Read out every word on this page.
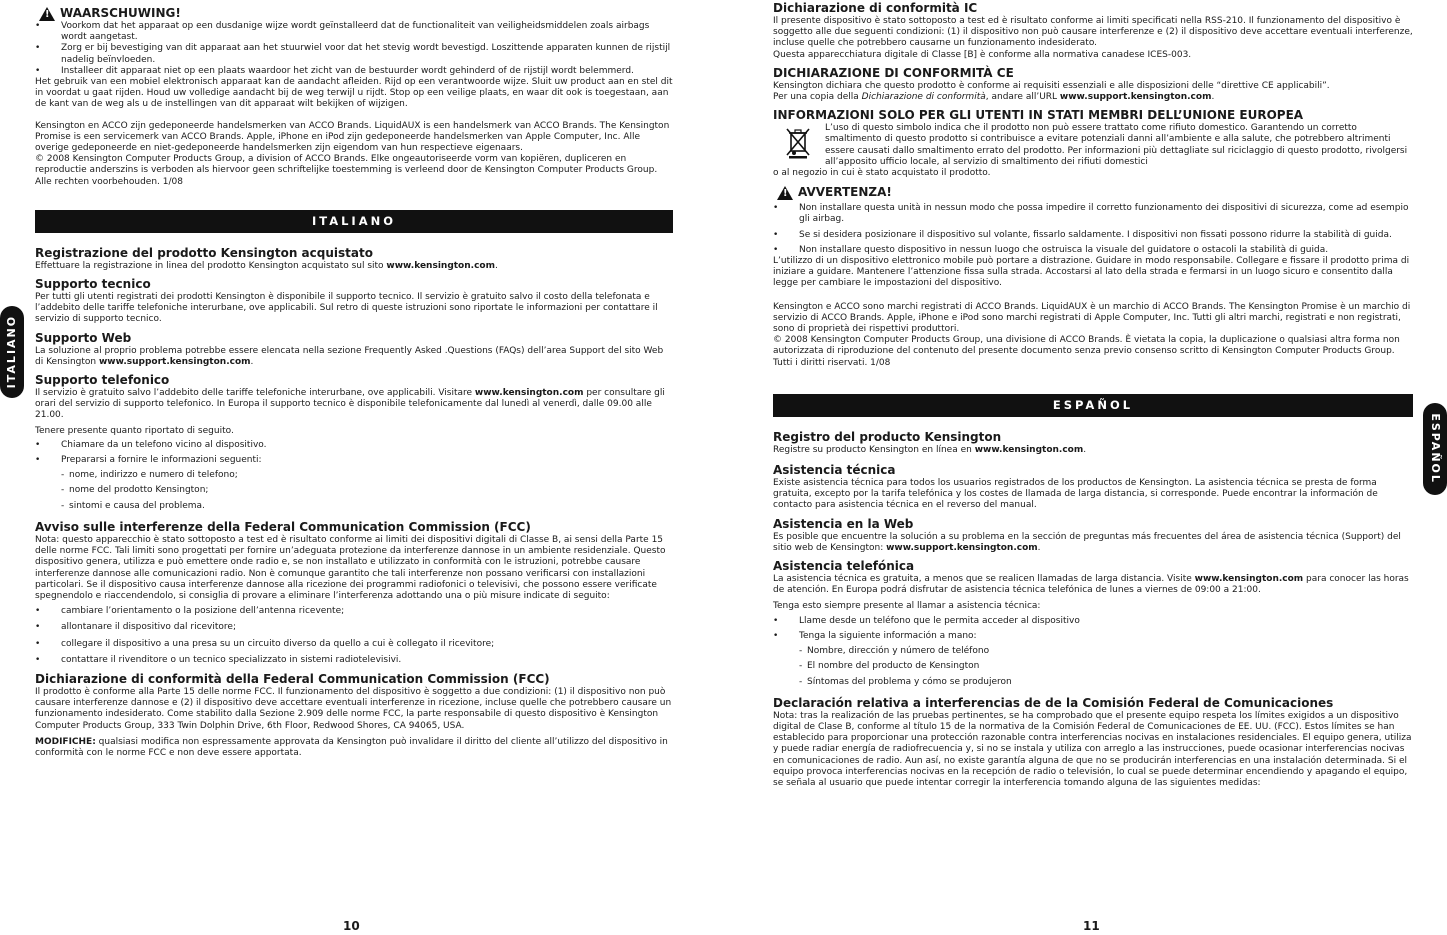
!
WAARSCHUWING!

• Voorkom dat het apparaat op een dusdanige wijze wordt geïnstalleerd dat de functionaliteit van veiligheidsmiddelen zoals airbags wordt aangetast.

• Zorg er bij bevestiging van dit apparaat aan het stuurwiel voor dat het stevig wordt bevestigd. Loszittende apparaten kunnen de rijstijl nadelig beïnvloeden.

• Installeer dit apparaat niet op een plaats waardoor het zicht van de bestuurder wordt gehinderd of de rijstijl wordt belemmerd.

Het gebruik van een mobiel elektronisch apparaat kan de aandacht afleiden. Rijd op een verantwoorde wijze. Sluit uw product aan en stel dit in voordat u gaat rijden. Houd uw volledige aandacht bij de weg terwijl u rijdt. Stop op een veilige plaats, en waar dit ook is toegestaan, aan de kant van de weg als u de instellingen van dit apparaat wilt bekijken of wijzigen.

Kensington en ACCO zijn gedeponeerde handelsmerken van ACCO Brands. LiquidAUX is een handelsmerk van ACCO Brands. The Kensington Promise is een servicemerk van ACCO Brands. Apple, iPhone en iPod zijn gedeponeerde handelsmerken van Apple Computer, Inc. Alle overige gedeponeerde en niet-gedeponeerde handelsmerken zijn eigendom van hun respectieve eigenaars.

© 2008 Kensington Computer Products Group, a division of ACCO Brands. Elke ongeautoriseerde vorm van kopiëren, dupliceren en reproductie anderszins is verboden als hiervoor geen schriftelijke toestemming is verleend door de Kensington Computer Products Group. Alle rechten voorbehouden. 1/08

ITALIANO

Registrazione del prodotto Kensington acquistato

Effettuare la registrazione in linea del prodotto Kensington acquistato sul sito www.kensington.com.

Supporto tecnico

Per tutti gli utenti registrati dei prodotti Kensington è disponibile il supporto tecnico. Il servizio è gratuito salvo il costo della telefonata e l’addebito delle tariffe telefoniche interurbane, ove applicabili. Sul retro di queste istruzioni sono riportate le informazioni per contattare il servizio di supporto tecnico.

Supporto Web

La soluzione al proprio problema potrebbe essere elencata nella sezione Frequently Asked .Questions (FAQs) dell’area Support del sito Web di Kensington www.support.kensington.com.

Supporto telefonico

Il servizio è gratuito salvo l’addebito delle tariffe telefoniche interurbane, ove applicabili. Visitare www.kensington.com per consultare gli orari del servizio di supporto telefonico. In Europa il supporto tecnico è disponibile telefonicamente dal lunedì al venerdì, dalle 09.00 alle 21.00.

Tenere presente quanto riportato di seguito.

• Chiamare da un telefono vicino al dispositivo.

• Prepararsi a fornire le informazioni seguenti:

- nome, indirizzo e numero di telefono;

- nome del prodotto Kensington;

- sintomi e causa del problema.

Avviso sulle interferenze della Federal Communication Commission (FCC)

Nota: questo apparecchio è stato sottoposto a test ed è risultato conforme ai limiti dei dispositivi digitali di Classe B, ai sensi della Parte 15 delle norme FCC. Tali limiti sono progettati per fornire un’adeguata protezione da interferenze dannose in un ambiente residenziale. Questo dispositivo genera, utilizza e può emettere onde radio e, se non installato e utilizzato in conformità con le istruzioni, potrebbe causare interferenze dannose alle comunicazioni radio. Non è comunque garantito che tali interferenze non possano verificarsi con installazioni particolari. Se il dispositivo causa interferenze dannose alla ricezione dei programmi radiofonici o televisivi, che possono essere verificate spegnendolo e riaccendendolo, si consiglia di provare a eliminare l’interferenza adottando una o più misure indicate di seguito:

• cambiare l’orientamento o la posizione dell’antenna ricevente;

• allontanare il dispositivo dal ricevitore;

• collegare il dispositivo a una presa su un circuito diverso da quello a cui è collegato il ricevitore;

• contattare il rivenditore o un tecnico specializzato in sistemi radiotelevisivi.

Dichiarazione di conformità della Federal Communication Commission (FCC)

Il prodotto è conforme alla Parte 15 delle norme FCC. Il funzionamento del dispositivo è soggetto a due condizioni: (1) il dispositivo non può causare interferenze dannose e (2) il dispositivo deve accettare eventuali interferenze in ricezione, incluse quelle che potrebbero causare un funzionamento indesiderato. Come stabilito dalla Sezione 2.909 delle norme FCC, la parte responsabile di questo dispositivo è Kensington Computer Products Group, 333 Twin Dolphin Drive, 6th Floor, Redwood Shores, CA 94065, USA.

MODIFICHE: qualsiasi modifica non espressamente approvata da Kensington può invalidare il diritto del cliente all’utilizzo del dispositivo in conformità con le norme FCC e non deve essere apportata.

10
ITALIANO

Dichiarazione di conformità IC

Il presente dispositivo è stato sottoposto a test ed è risultato conforme ai limiti specificati nella RSS-210. Il funzionamento del dispositivo è soggetto alle due seguenti condizioni: (1) il dispositivo non può causare interferenze e (2) il dispositivo deve accettare eventuali interferenze, incluse quelle che potrebbero causarne un funzionamento indesiderato.

Questa apparecchiatura digitale di Classe [B] è conforme alla normativa canadese ICES-003.

DICHIARAZIONE DI CONFORMITÀ CE

Kensington dichiara che questo prodotto è conforme ai requisiti essenziali e alle disposizioni delle “direttive CE applicabili”.

Per una copia della Dichiarazione di conformità, andare all’URL www.support.kensington.com.

INFORMAZIONI SOLO PER GLI UTENTI IN STATI MEMBRI DELL’UNIONE EUROPEA

L’uso di questo simbolo indica che il prodotto non può essere trattato come rifiuto domestico. Garantendo un corretto smaltimento di questo prodotto si contribuisce a evitare potenziali danni all’ambiente e alla salute, che potrebbero altrimenti essere causati dallo smaltimento errato del prodotto. Per informazioni più dettagliate sul riciclaggio di questo prodotto, rivolgersi all’apposito ufficio locale, al servizio di smaltimento dei rifiuti domestici

o al negozio in cui è stato acquistato il prodotto.

!
AVVERTENZA!

• Non installare questa unità in nessun modo che possa impedire il corretto funzionamento dei dispositivi di sicurezza, come ad esempio gli airbag.

• Se si desidera posizionare il dispositivo sul volante, fissarlo saldamente. I dispositivi non fissati possono ridurre la stabilità di guida.

• Non installare questo dispositivo in nessun luogo che ostruisca la visuale del guidatore o ostacoli la stabilità di guida.

L’utilizzo di un dispositivo elettronico mobile può portare a distrazione. Guidare in modo responsabile. Collegare e fissare il prodotto prima di iniziare a guidare. Mantenere l’attenzione fissa sulla strada. Accostarsi al lato della strada e fermarsi in un luogo sicuro e consentito dalla legge per cambiare le impostazioni del dispositivo.

Kensington e ACCO sono marchi registrati di ACCO Brands. LiquidAUX è un marchio di ACCO Brands. The Kensington Promise è un marchio di servizio di ACCO Brands. Apple, iPhone e iPod sono marchi registrati di Apple Computer, Inc. Tutti gli altri marchi, registrati e non registrati, sono di proprietà dei rispettivi produttori.

© 2008 Kensington Computer Products Group, una divisione di ACCO Brands. È vietata la copia, la duplicazione o qualsiasi altra forma non autorizzata di riproduzione del contenuto del presente documento senza previo consenso scritto di Kensington Computer Products Group. Tutti i diritti riservati. 1/08

ESPAÑOL

Registro del producto Kensington

Registre su producto Kensington en línea en www.kensington.com.

Asistencia técnica

Existe asistencia técnica para todos los usuarios registrados de los productos de Kensington. La asistencia técnica se presta de forma gratuita, excepto por la tarifa telefónica y los costes de llamada de larga distancia, si corresponde. Puede encontrar la información de contacto para asistencia técnica en el reverso del manual.

Asistencia en la Web

Es posible que encuentre la solución a su problema en la sección de preguntas más frecuentes del área de asistencia técnica (Support) del sitio web de Kensington: www.support.kensington.com.

Asistencia telefónica

La asistencia técnica es gratuita, a menos que se realicen llamadas de larga distancia. Visite www.kensington.com para conocer las horas de atención. En Europa podrá disfrutar de asistencia técnica telefónica de lunes a viernes de 09:00 a 21:00.

Tenga esto siempre presente al llamar a asistencia técnica:

• Llame desde un teléfono que le permita acceder al dispositivo

• Tenga la siguiente información a mano:

- Nombre, dirección y número de teléfono

- El nombre del producto de Kensington

- Síntomas del problema y cómo se produjeron

Declaración relativa a interferencias de de la Comisión Federal de Comunicaciones

Nota: tras la realización de las pruebas pertinentes, se ha comprobado que el presente equipo respeta los límites exigidos a un dispositivo digital de Clase B, conforme al título 15 de la normativa de la Comisión Federal de Comunicaciones de EE. UU. (FCC). Estos límites se han establecido para proporcionar una protección razonable contra interferencias nocivas en instalaciones residenciales. El equipo genera, utiliza y puede radiar energía de radiofrecuencia y, si no se instala y utiliza con arreglo a las instrucciones, puede ocasionar interferencias nocivas en comunicaciones de radio. Aun así, no existe garantía alguna de que no se producirán interferencias en una instalación determinada. Si el equipo provoca interferencias nocivas en la recepción de radio o televisión, lo cual se puede determinar encendiendo y apagando el equipo, se señala al usuario que puede intentar corregir la interferencia tomando alguna de las siguientes medidas:

11
ESPAÑOL
